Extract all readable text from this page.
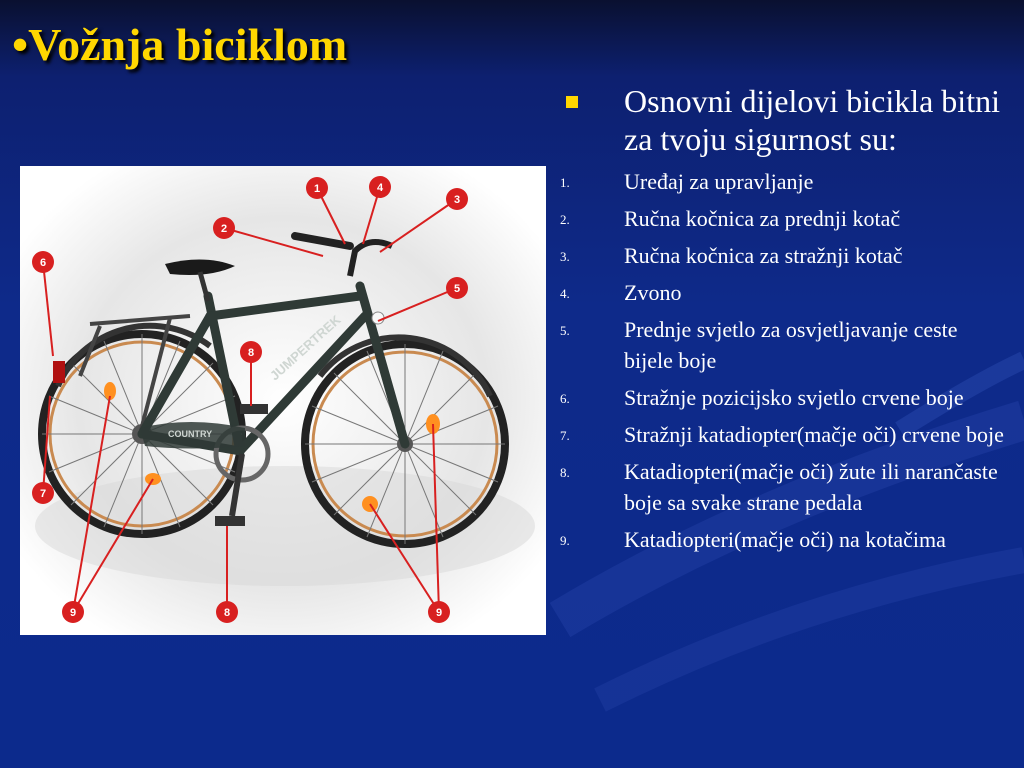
•Vožnja biciklom
JUMPERTREK
COUNTRY
1
2
3
4
5
6
7
8
8
9	9
Osnovni dijelovi bicikla bitni za tvoju sigurnost su:
1. Uređaj za upravljanje
2. Ručna kočnica za prednji kotač
3. Ručna kočnica za stražnji kotač
4. Zvono
5. Prednje svjetlo za osvjetljavanje ceste bijele boje
6. Stražnje pozicijsko svjetlo crvene boje
7. Stražnji katadiopter(mačje oči) crvene boje
8. Katadiopteri(mačje oči) žute ili narančaste boje sa svake strane pedala
9. Katadiopteri(mačje oči) na kotačima
